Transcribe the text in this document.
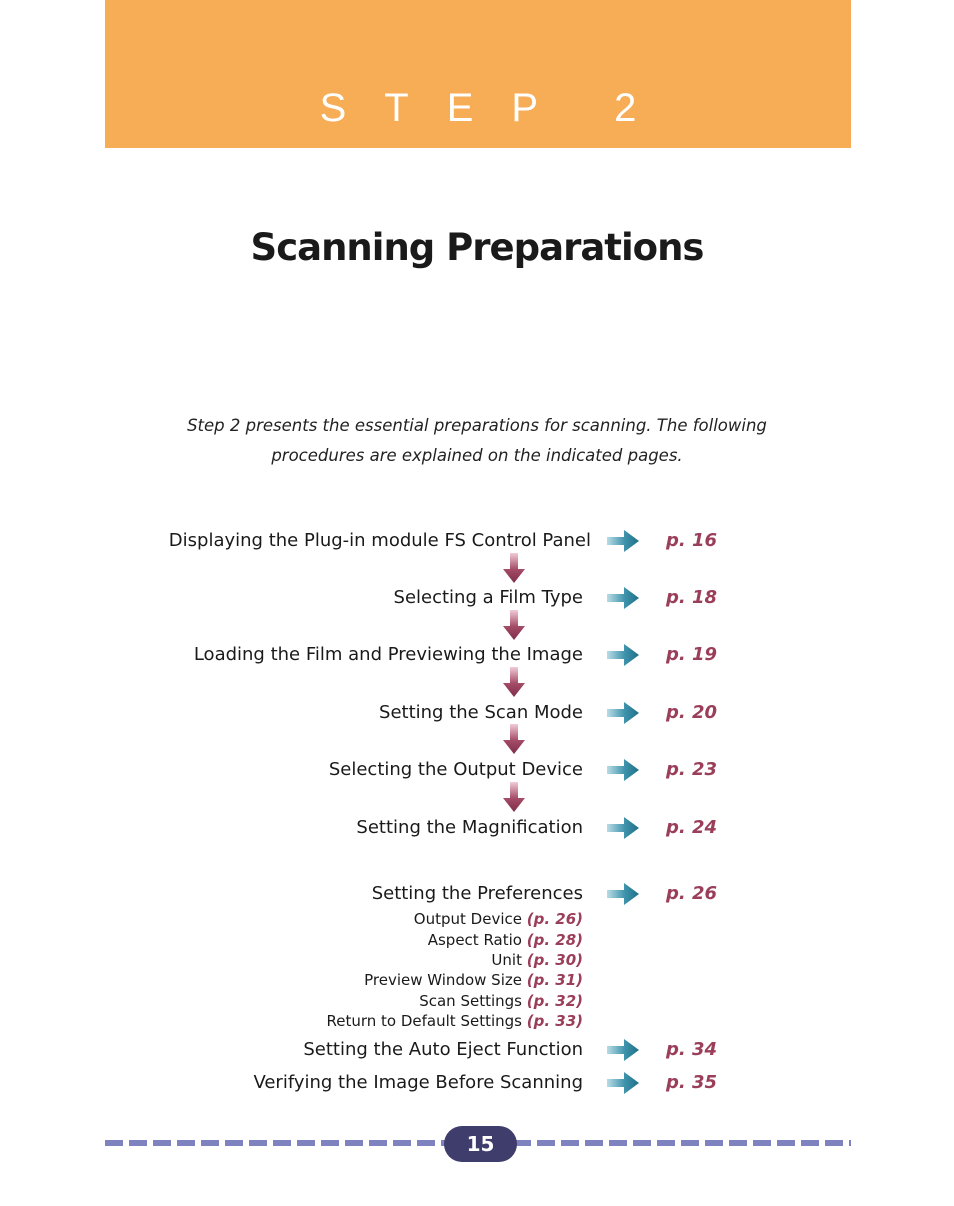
STEP 2
Scanning Preparations
Step 2 presents the essential preparations for scanning. The following procedures are explained on the indicated pages.
Displaying the Plug-in module FS Control Panel	p. 16
Selecting a Film Type	p. 18
Loading the Film and Previewing the Image	p. 19
Setting the Scan Mode	p. 20
Selecting the Output Device	p. 23
Setting the Magnification	p. 24
Setting the Preferences	p. 26
Output Device (p. 26)
Aspect Ratio (p. 28)
Unit (p. 30)
Preview Window Size (p. 31)
Scan Settings (p. 32)
Return to Default Settings (p. 33)
Setting the Auto Eject Function	p. 34
Verifying the Image Before Scanning	p. 35
15
